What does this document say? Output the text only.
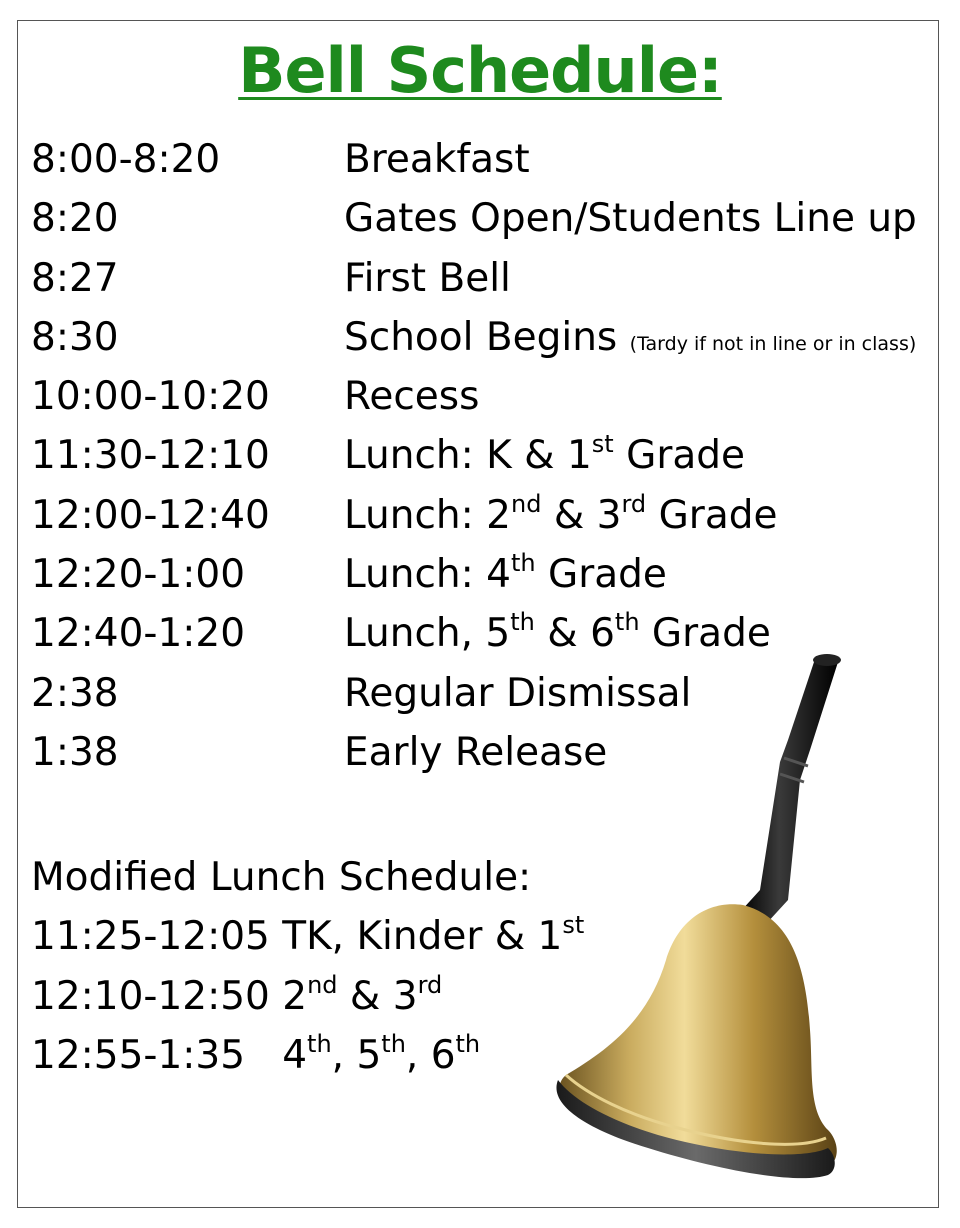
Bell Schedule:
8:00-8:20	Breakfast
8:20	Gates Open/Students Line up
8:27	First Bell
8:30	School Begins (Tardy if not in line or in class)
10:00-10:20 Recess
11:30-12:10 Lunch: K & 1st Grade
12:00-12:40 Lunch: 2nd & 3rd Grade
12:20-1:00	Lunch: 4th Grade
12:40-1:20	Lunch, 5th & 6th Grade
2:38	Regular Dismissal
1:38	Early Release
Modified Lunch Schedule:
11:25-12:05 TK, Kinder & 1st
12:10-12:50 2nd & 3rd
12:55-1:35   4th, 5th, 6th
